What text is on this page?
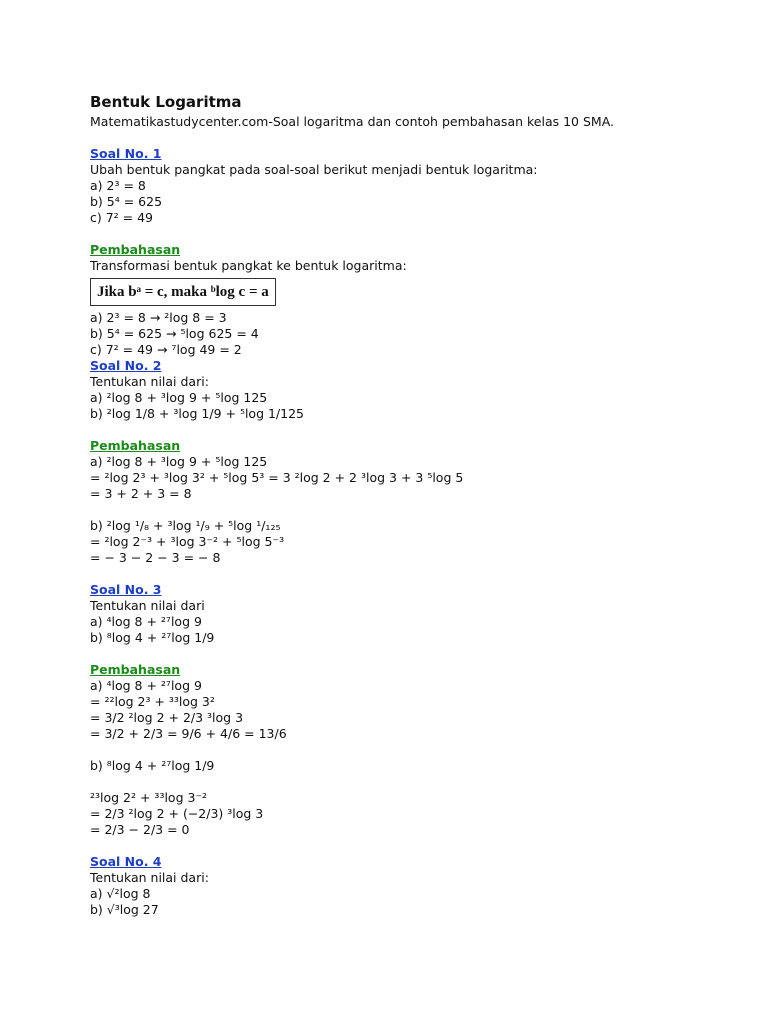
Bentuk Logaritma
Matematikastudycenter.com-Soal logaritma dan contoh pembahasan kelas 10 SMA.
Soal No. 1
Ubah bentuk pangkat pada soal-soal berikut menjadi bentuk logaritma:
a) 2³ = 8
b) 5⁴ = 625
c) 7² = 49
Pembahasan
Transformasi bentuk pangkat ke bentuk logaritma:
Jika bᵃ = c, maka ᵇlog c = a
a) 2³ = 8 → ²log 8 = 3
b) 5⁴ = 625 → ⁵log 625 = 4
c) 7² = 49 → ⁷log 49 = 2
Soal No. 2
Tentukan nilai dari:
a) ²log 8 + ³log 9 + ⁵log 125
b) ²log 1/8 + ³log 1/9 + ⁵log 1/125
Pembahasan
a) ²log 8 + ³log 9 + ⁵log 125
= ²log 2³ + ³log 3² + ⁵log 5³ = 3 ²log 2 + 2 ³log 3 + 3 ⁵log 5
= 3 + 2 + 3 = 8
b) ²log ¹/₈ + ³log ¹/₉ + ⁵log ¹/₁₂₅
= ²log 2⁻³ + ³log 3⁻² + ⁵log 5⁻³
= − 3 − 2 − 3 = − 8
Soal No. 3
Tentukan nilai dari
a) ⁴log 8 + ²⁷log 9
b) ⁸log 4 + ²⁷log 1/9
Pembahasan
a) ⁴log 8 + ²⁷log 9
= ²²log 2³ + ³³log 3²
= 3/2 ²log 2 + 2/3 ³log 3
= 3/2 + 2/3 = 9/6 + 4/6 = 13/6
b) ⁸log 4 + ²⁷log 1/9
²³log 2² + ³³log 3⁻²
= 2/3 ²log 2 + (−2/3) ³log 3
= 2/3 − 2/3 = 0
Soal No. 4
Tentukan nilai dari:
a) √²log 8
b) √³log 27
